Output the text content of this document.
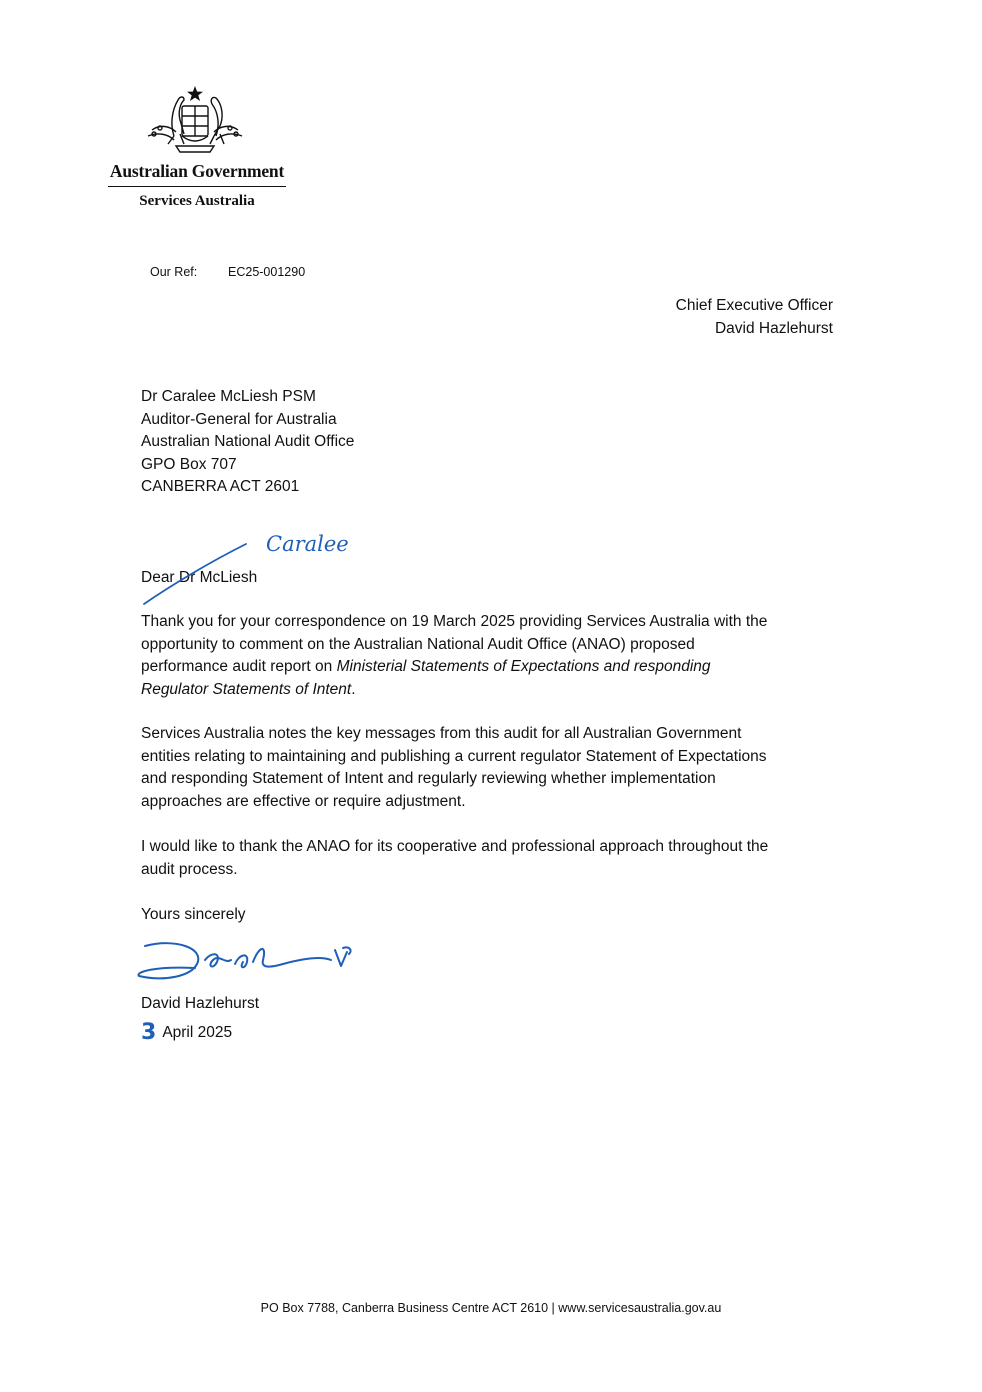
Australian Government
Services Australia
Our Ref: EC25-001290
Chief Executive Officer
David Hazlehurst
Dr Caralee McLiesh PSM
Auditor-General for Australia
Australian National Audit Office
GPO Box 707
CANBERRA ACT 2601
Dear Dr McLiesh
Caralee
Thank you for your correspondence on 19 March 2025 providing Services Australia with the
opportunity to comment on the Australian National Audit Office (ANAO) proposed
performance audit report on Ministerial Statements of Expectations and responding
Regulator Statements of Intent.
Services Australia notes the key messages from this audit for all Australian Government
entities relating to maintaining and publishing a current regulator Statement of Expectations
and responding Statement of Intent and regularly reviewing whether implementation
approaches are effective or require adjustment.
I would like to thank the ANAO for its cooperative and professional approach throughout the
audit process.
Yours sincerely
David Hazlehurst
3 April 2025
PO Box 7788, Canberra Business Centre ACT 2610 | www.servicesaustralia.gov.au
